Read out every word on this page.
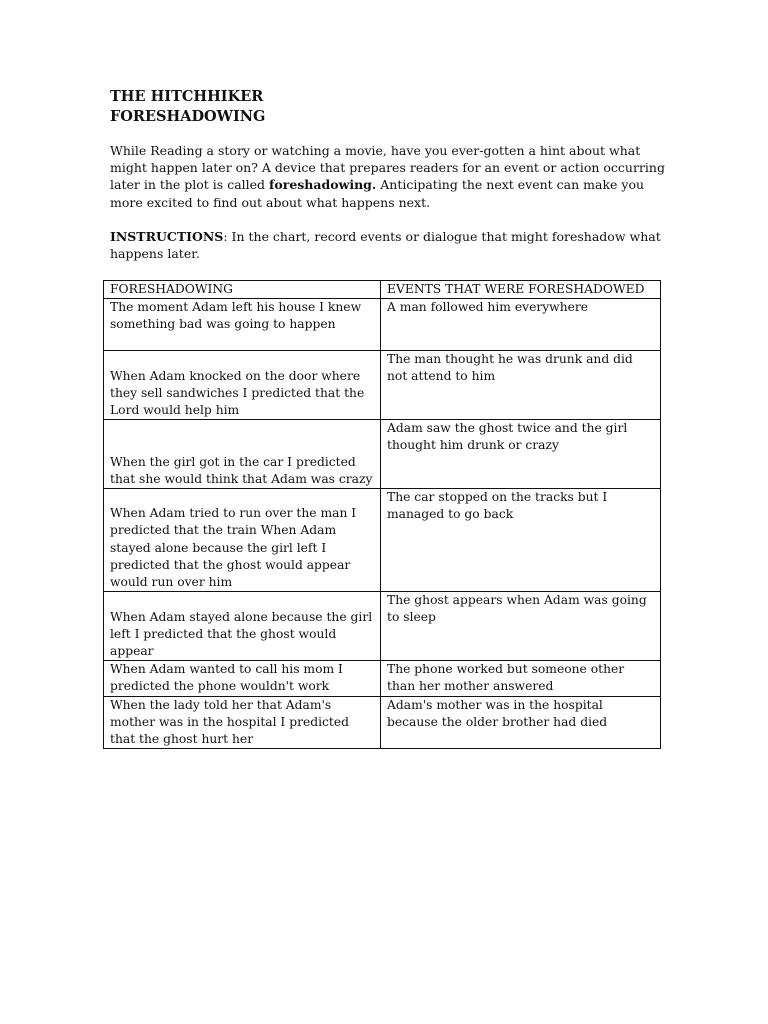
THE HITCHHIKER
FORESHADOWING

While Reading a story or watching a movie, have you ever-gotten a hint about what might happen later on? A device that prepares readers for an event or action occurring later in the plot is called foreshadowing. Anticipating the next event can make you more excited to find out about what happens next.

INSTRUCTIONS: In the chart, record events or dialogue that might foreshadow what happens later.

FORESHADOWING	EVENTS THAT WERE FORESHADOWED
The moment Adam left his house I knew something bad was going to happen	A man followed him everywhere
When Adam knocked on the door where they sell sandwiches I predicted that the Lord would help him	The man thought he was drunk and did not attend to him
When the girl got in the car I predicted that she would think that Adam was crazy	Adam saw the ghost twice and the girl thought him drunk or crazy
When Adam tried to run over the man I predicted that the train When Adam stayed alone because the girl left I predicted that the ghost would appear would run over him	The car stopped on the tracks but I managed to go back
When Adam stayed alone because the girl left I predicted that the ghost would appear	The ghost appears when Adam was going to sleep
When Adam wanted to call his mom I predicted the phone wouldn't work	The phone worked but someone other than her mother answered
When the lady told her that Adam's mother was in the hospital I predicted that the ghost hurt her	Adam's mother was in the hospital because the older brother had died
